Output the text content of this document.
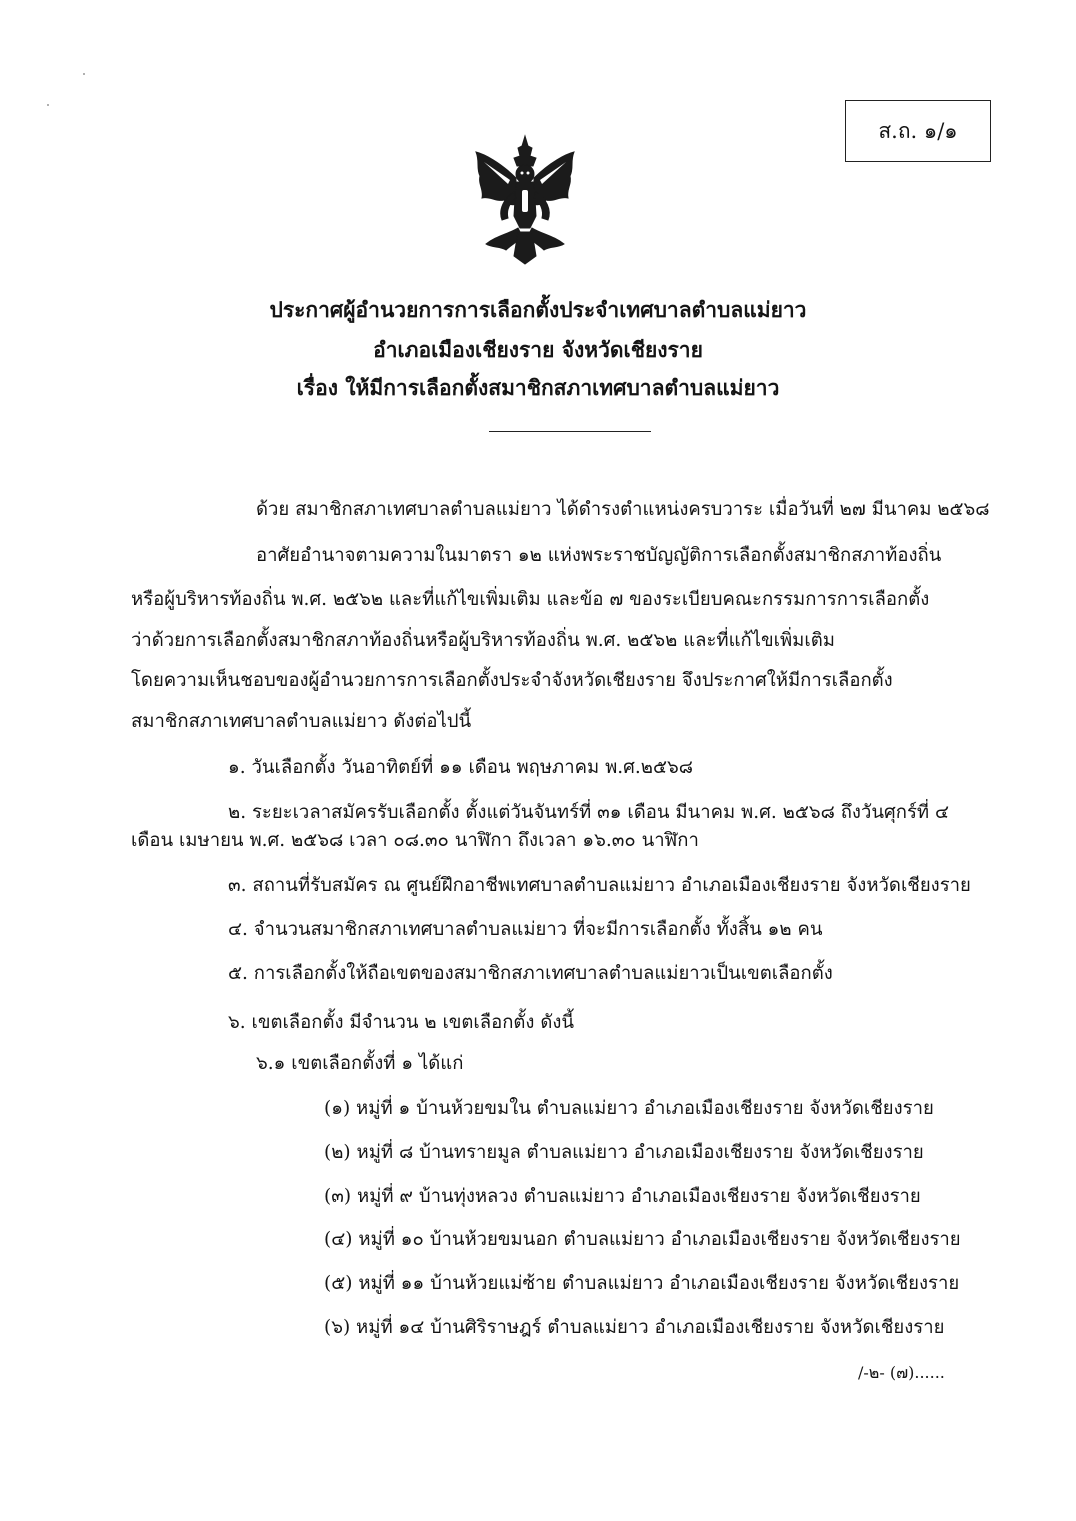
ส.ถ. ๑/๑
ประกาศผู้อำนวยการการเลือกตั้งประจำเทศบาลตำบลแม่ยาว
อำเภอเมืองเชียงราย จังหวัดเชียงราย
เรื่อง ให้มีการเลือกตั้งสมาชิกสภาเทศบาลตำบลแม่ยาว
ด้วย สมาชิกสภาเทศบาลตำบลแม่ยาว ได้ดำรงตำแหน่งครบวาระ เมื่อวันที่ ๒๗ มีนาคม ๒๕๖๘
อาศัยอำนาจตามความในมาตรา ๑๒ แห่งพระราชบัญญัติการเลือกตั้งสมาชิกสภาท้องถิ่น
หรือผู้บริหารท้องถิ่น พ.ศ. ๒๕๖๒ และที่แก้ไขเพิ่มเติม และข้อ ๗ ของระเบียบคณะกรรมการการเลือกตั้ง
ว่าด้วยการเลือกตั้งสมาชิกสภาท้องถิ่นหรือผู้บริหารท้องถิ่น พ.ศ. ๒๕๖๒ และที่แก้ไขเพิ่มเติม
โดยความเห็นชอบของผู้อำนวยการการเลือกตั้งประจำจังหวัดเชียงราย จึงประกาศให้มีการเลือกตั้ง
สมาชิกสภาเทศบาลตำบลแม่ยาว ดังต่อไปนี้
๑. วันเลือกตั้ง วันอาทิตย์ที่ ๑๑ เดือน พฤษภาคม พ.ศ.๒๕๖๘
๒. ระยะเวลาสมัครรับเลือกตั้ง ตั้งแต่วันจันทร์ที่ ๓๑ เดือน มีนาคม พ.ศ. ๒๕๖๘ ถึงวันศุกร์ที่ ๔
เดือน เมษายน พ.ศ. ๒๕๖๘ เวลา ๐๘.๓๐ นาฬิกา ถึงเวลา ๑๖.๓๐ นาฬิกา
๓. สถานที่รับสมัคร ณ ศูนย์ฝึกอาชีพเทศบาลตำบลแม่ยาว อำเภอเมืองเชียงราย จังหวัดเชียงราย
๔. จำนวนสมาชิกสภาเทศบาลตำบลแม่ยาว ที่จะมีการเลือกตั้ง ทั้งสิ้น ๑๒ คน
๕. การเลือกตั้งให้ถือเขตของสมาชิกสภาเทศบาลตำบลแม่ยาวเป็นเขตเลือกตั้ง
๖. เขตเลือกตั้ง มีจำนวน ๒ เขตเลือกตั้ง ดังนี้
๖.๑ เขตเลือกตั้งที่ ๑ ได้แก่
(๑) หมู่ที่ ๑ บ้านห้วยขมใน ตำบลแม่ยาว อำเภอเมืองเชียงราย จังหวัดเชียงราย
(๒) หมู่ที่ ๘ บ้านทรายมูล ตำบลแม่ยาว อำเภอเมืองเชียงราย จังหวัดเชียงราย
(๓) หมู่ที่ ๙ บ้านทุ่งหลวง ตำบลแม่ยาว อำเภอเมืองเชียงราย จังหวัดเชียงราย
(๔) หมู่ที่ ๑๐ บ้านห้วยขมนอก ตำบลแม่ยาว อำเภอเมืองเชียงราย จังหวัดเชียงราย
(๕) หมู่ที่ ๑๑ บ้านห้วยแม่ซ้าย ตำบลแม่ยาว อำเภอเมืองเชียงราย จังหวัดเชียงราย
(๖) หมู่ที่ ๑๔ บ้านศิริราษฎร์ ตำบลแม่ยาว อำเภอเมืองเชียงราย จังหวัดเชียงราย
/-๒- (๗)......
